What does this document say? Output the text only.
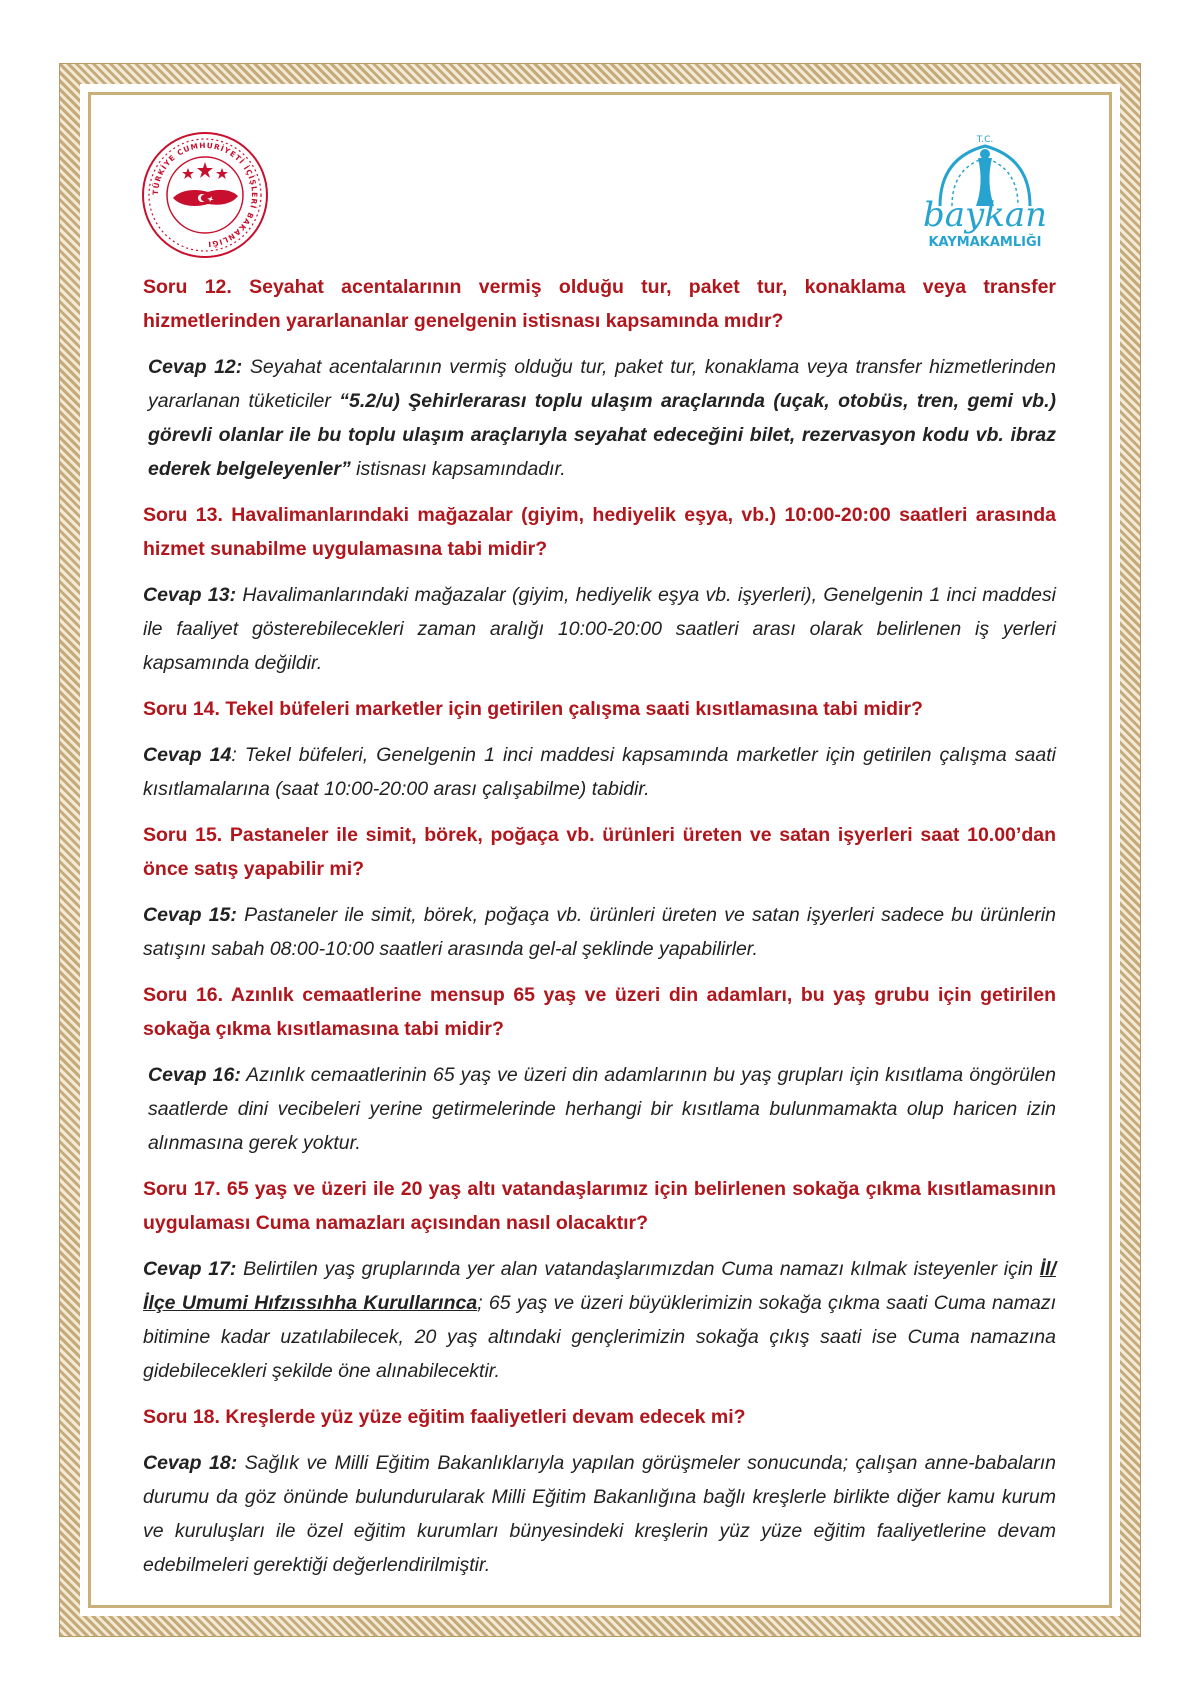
TÜRKİYE CUMHURİYETİ İÇİŞLERİ BAKANLIĞI
T.C.
baykan
KAYMAKAMLIĞI

Soru 12. Seyahat acentalarının vermiş olduğu tur, paket tur, konaklama veya transfer hizmetlerinden yararlananlar genelgenin istisnası kapsamında mıdır?

Cevap 12: Seyahat acentalarının vermiş olduğu tur, paket tur, konaklama veya transfer hizmetlerinden yararlanan tüketiciler “5.2/u) Şehirlerarası toplu ulaşım araçlarında (uçak, otobüs, tren, gemi vb.) görevli olanlar ile bu toplu ulaşım araçlarıyla seyahat edeceğini bilet, rezervasyon kodu vb. ibraz ederek belgeleyenler” istisnası kapsamındadır.

Soru 13. Havalimanlarındaki mağazalar (giyim, hediyelik eşya, vb.) 10:00-20:00 saatleri arasında hizmet sunabilme uygulamasına tabi midir?

Cevap 13: Havalimanlarındaki mağazalar (giyim, hediyelik eşya vb. işyerleri), Genelgenin 1 inci maddesi ile faaliyet gösterebilecekleri zaman aralığı 10:00-20:00 saatleri arası olarak belirlenen iş yerleri kapsamında değildir.

Soru 14. Tekel büfeleri marketler için getirilen çalışma saati kısıtlamasına tabi midir?

Cevap 14: Tekel büfeleri, Genelgenin 1 inci maddesi kapsamında marketler için getirilen çalışma saati kısıtlamalarına (saat 10:00-20:00 arası çalışabilme) tabidir.

Soru 15. Pastaneler ile simit, börek, poğaça vb. ürünleri üreten ve satan işyerleri saat 10.00’dan önce satış yapabilir mi?

Cevap 15: Pastaneler ile simit, börek, poğaça vb. ürünleri üreten ve satan işyerleri sadece bu ürünlerin satışını sabah 08:00-10:00 saatleri arasında gel-al şeklinde yapabilirler.

Soru 16. Azınlık cemaatlerine mensup 65 yaş ve üzeri din adamları, bu yaş grubu için getirilen sokağa çıkma kısıtlamasına tabi midir?

Cevap 16: Azınlık cemaatlerinin 65 yaş ve üzeri din adamlarının bu yaş grupları için kısıtlama öngörülen saatlerde dini vecibeleri yerine getirmelerinde herhangi bir kısıtlama bulunmamakta olup haricen izin alınmasına gerek yoktur.

Soru 17. 65 yaş ve üzeri ile 20 yaş altı vatandaşlarımız için belirlenen sokağa çıkma kısıtlamasının uygulaması Cuma namazları açısından nasıl olacaktır?

Cevap 17: Belirtilen yaş gruplarında yer alan vatandaşlarımızdan Cuma namazı kılmak isteyenler için İl/İlçe Umumi Hıfzıssıhha Kurullarınca; 65 yaş ve üzeri büyüklerimizin sokağa çıkma saati Cuma namazı bitimine kadar uzatılabilecek, 20 yaş altındaki gençlerimizin sokağa çıkış saati ise Cuma namazına gidebilecekleri şekilde öne alınabilecektir.

Soru 18. Kreşlerde yüz yüze eğitim faaliyetleri devam edecek mi?

Cevap 18: Sağlık ve Milli Eğitim Bakanlıklarıyla yapılan görüşmeler sonucunda; çalışan anne-babaların durumu da göz önünde bulundurularak Milli Eğitim Bakanlığına bağlı kreşlerle birlikte diğer kamu kurum ve kuruluşları ile özel eğitim kurumları bünyesindeki kreşlerin yüz yüze eğitim faaliyetlerine devam edebilmeleri gerektiği değerlendirilmiştir.
